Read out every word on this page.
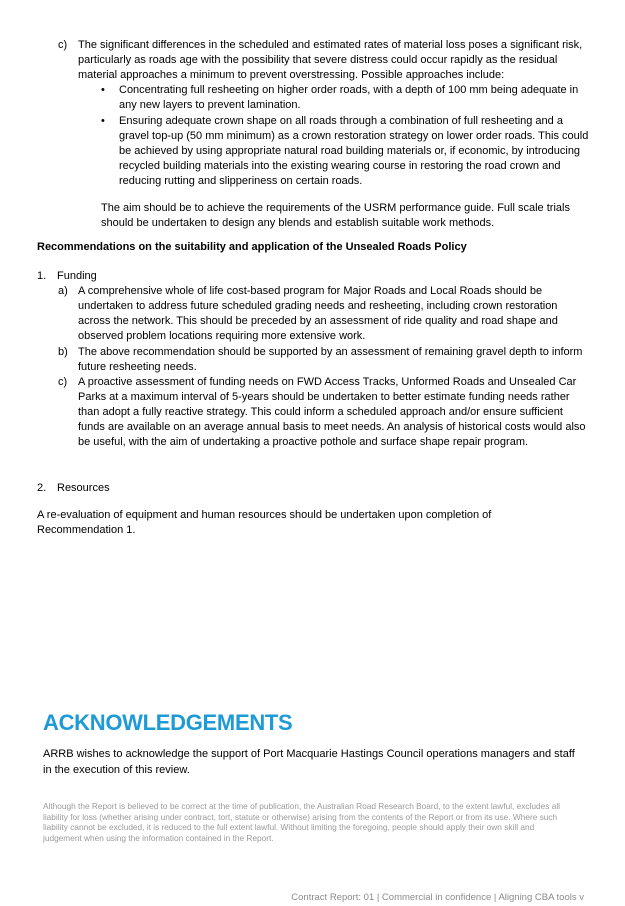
c) The significant differences in the scheduled and estimated rates of material loss poses a significant risk, particularly as roads age with the possibility that severe distress could occur rapidly as the residual material approaches a minimum to prevent overstressing. Possible approaches include:
• Concentrating full resheeting on higher order roads, with a depth of 100 mm being adequate in any new layers to prevent lamination.
• Ensuring adequate crown shape on all roads through a combination of full resheeting and a gravel top-up (50 mm minimum) as a crown restoration strategy on lower order roads. This could be achieved by using appropriate natural road building materials or, if economic, by introducing recycled building materials into the existing wearing course in restoring the road crown and reducing rutting and slipperiness on certain roads.
The aim should be to achieve the requirements of the USRM performance guide. Full scale trials should be undertaken to design any blends and establish suitable work methods.
Recommendations on the suitability and application of the Unsealed Roads Policy
1. Funding
a) A comprehensive whole of life cost-based program for Major Roads and Local Roads should be undertaken to address future scheduled grading needs and resheeting, including crown restoration across the network. This should be preceded by an assessment of ride quality and road shape and observed problem locations requiring more extensive work.
b) The above recommendation should be supported by an assessment of remaining gravel depth to inform future resheeting needs.
c) A proactive assessment of funding needs on FWD Access Tracks, Unformed Roads and Unsealed Car Parks at a maximum interval of 5-years should be undertaken to better estimate funding needs rather than adopt a fully reactive strategy. This could inform a scheduled approach and/or ensure sufficient funds are available on an average annual basis to meet needs. An analysis of historical costs would also be useful, with the aim of undertaking a proactive pothole and surface shape repair program.
2. Resources
A re-evaluation of equipment and human resources should be undertaken upon completion of Recommendation 1.
ACKNOWLEDGEMENTS
ARRB wishes to acknowledge the support of Port Macquarie Hastings Council operations managers and staff in the execution of this review.
Although the Report is believed to be correct at the time of publication, the Australian Road Research Board, to the extent lawful, excludes all liability for loss (whether arising under contract, tort, statute or otherwise) arising from the contents of the Report or from its use. Where such liability cannot be excluded, it is reduced to the full extent lawful. Without limiting the foregoing, people should apply their own skill and judgement when using the information contained in the Report.
Contract Report: 01 | Commercial in confidence | Aligning CBA tools v
